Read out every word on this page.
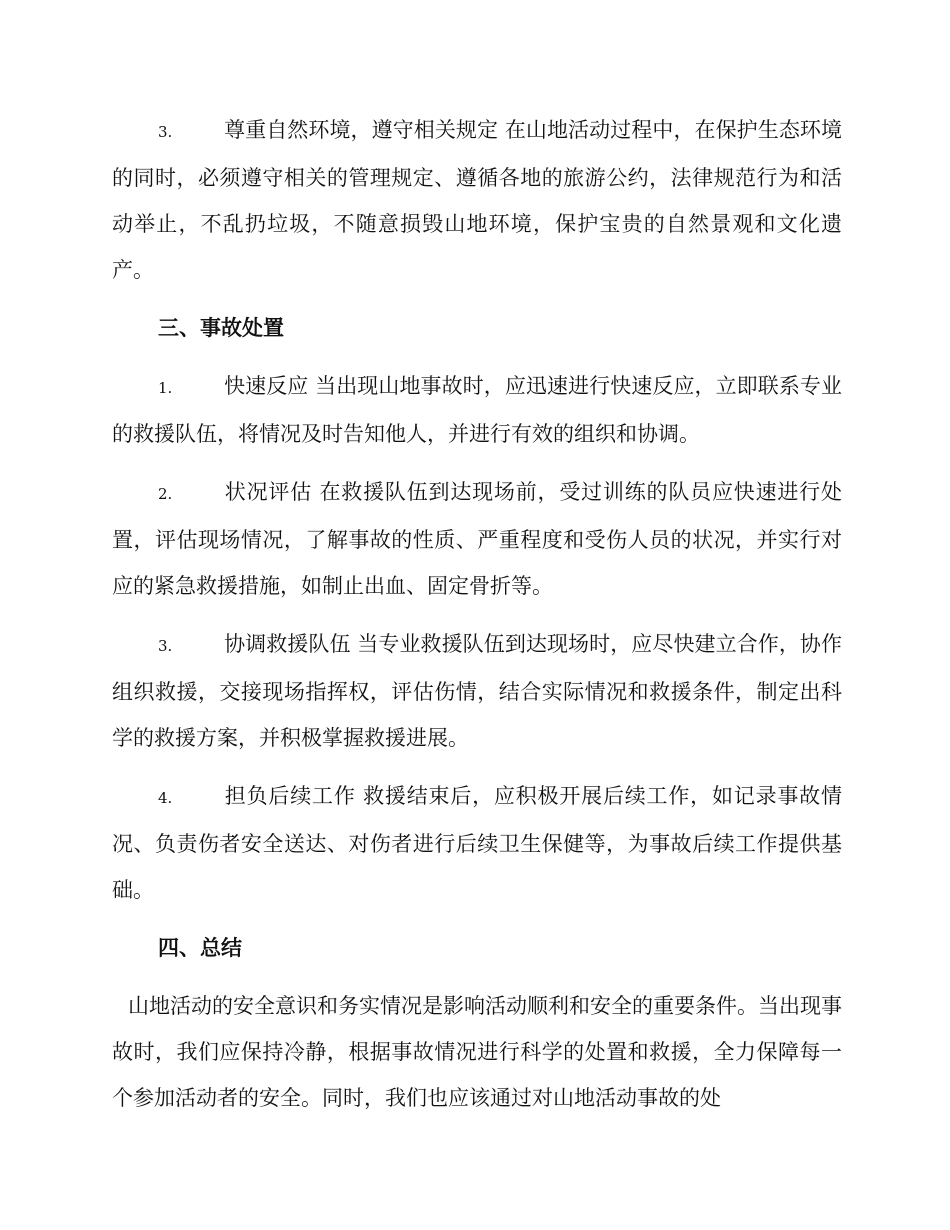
3. 尊重自然环境，遵守相关规定 在山地活动过程中，在保护生态环境的同时，必须遵守相关的管理规定、遵循各地的旅游公约，法律规范行为和活动举止，不乱扔垃圾，不随意损毁山地环境，保护宝贵的自然景观和文化遗产。

三、事故处置

1. 快速反应 当出现山地事故时，应迅速进行快速反应，立即联系专业的救援队伍，将情况及时告知他人，并进行有效的组织和协调。

2. 状况评估 在救援队伍到达现场前，受过训练的队员应快速进行处置，评估现场情况，了解事故的性质、严重程度和受伤人员的状况，并实行对应的紧急救援措施，如制止出血、固定骨折等。

3. 协调救援队伍 当专业救援队伍到达现场时，应尽快建立合作，协作组织救援，交接现场指挥权，评估伤情，结合实际情况和救援条件，制定出科学的救援方案，并积极掌握救援进展。

4. 担负后续工作 救援结束后，应积极开展后续工作，如记录事故情况、负责伤者安全送达、对伤者进行后续卫生保健等，为事故后续工作提供基础。

四、总结

山地活动的安全意识和务实情况是影响活动顺利和安全的重要条件。当出现事故时，我们应保持冷静，根据事故情况进行科学的处置和救援，全力保障每一个参加活动者的安全。同时，我们也应该通过对山地活动事故的处
